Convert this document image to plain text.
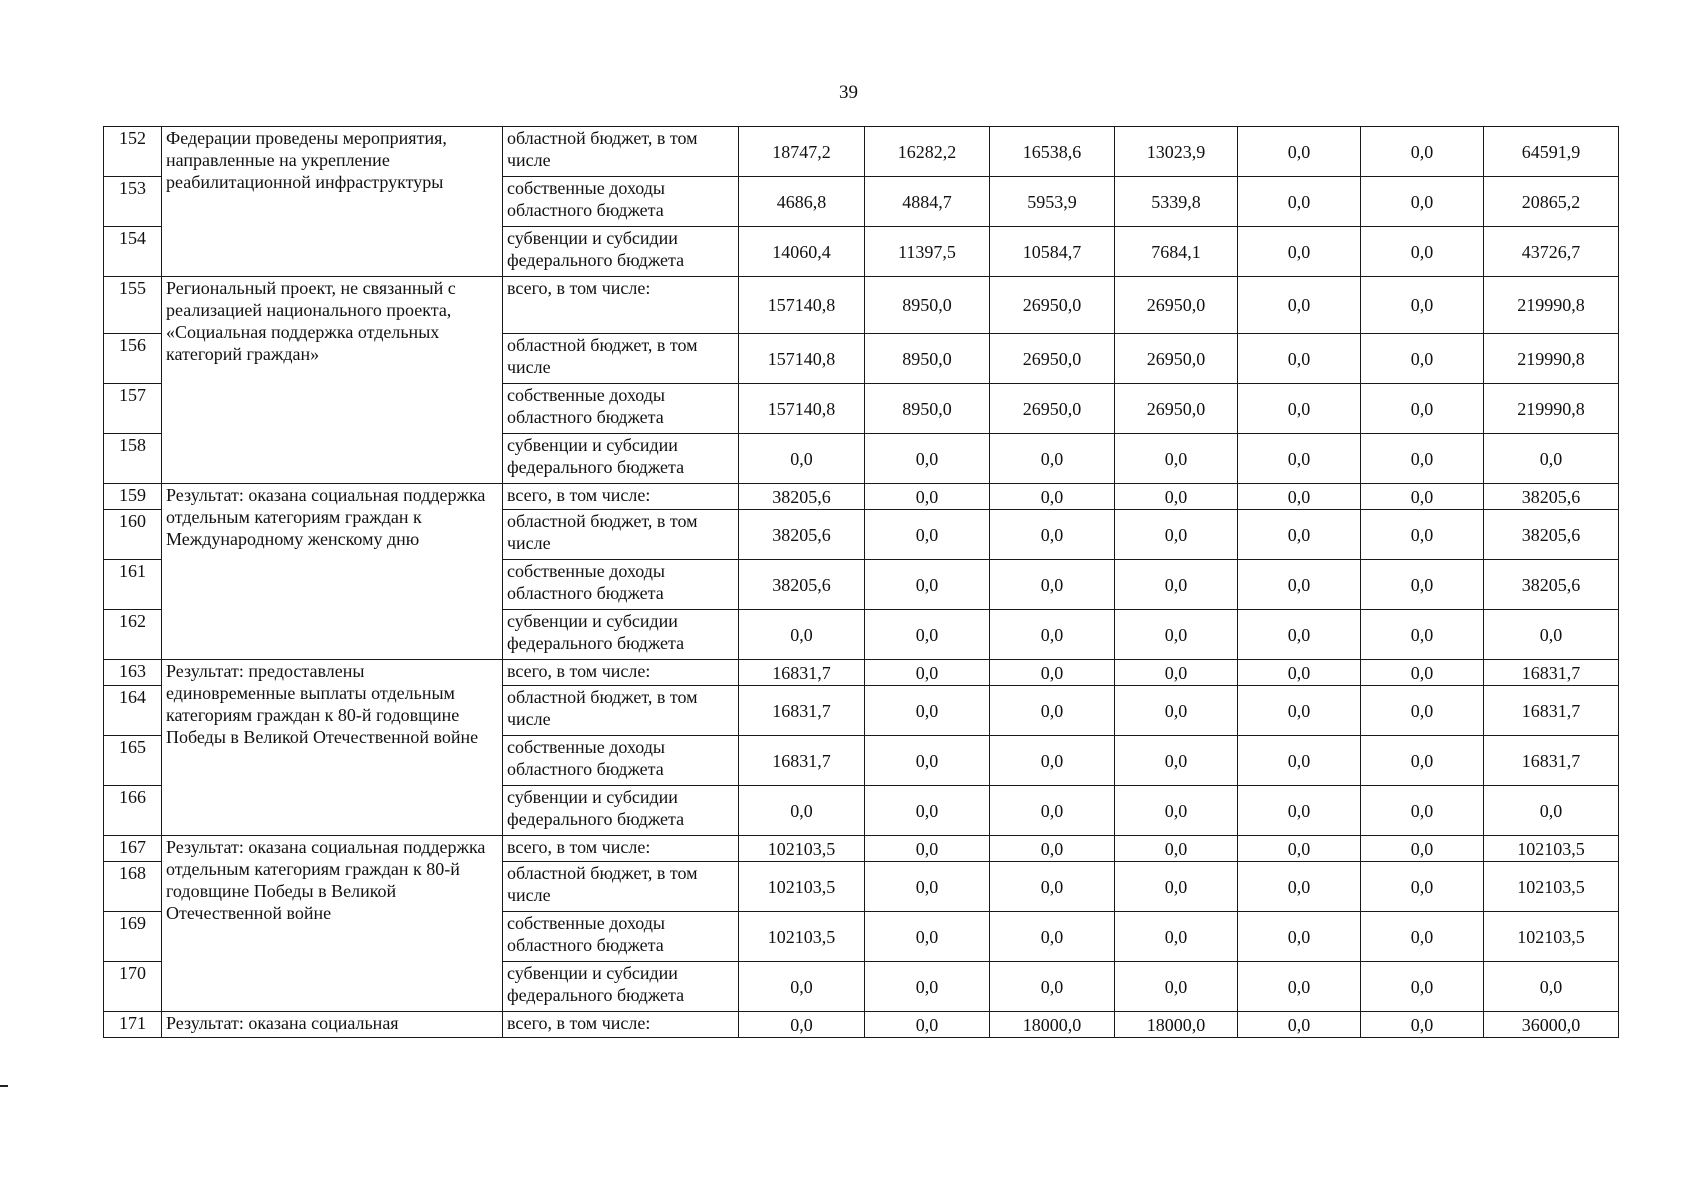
39
152	Федерации проведены мероприятия, направленные на укрепление реабилитационной инфраструктуры	областной бюджет, в том числе	18747,2	16282,2	16538,6	13023,9	0,0	0,0	64591,9
153		собственные доходы областного бюджета	4686,8	4884,7	5953,9	5339,8	0,0	0,0	20865,2
154		субвенции и субсидии федерального бюджета	14060,4	11397,5	10584,7	7684,1	0,0	0,0	43726,7
155	Региональный проект, не связанный с реализацией национального проекта, «Социальная поддержка отдельных категорий граждан»	всего, в том числе:	157140,8	8950,0	26950,0	26950,0	0,0	0,0	219990,8
156		областной бюджет, в том числе	157140,8	8950,0	26950,0	26950,0	0,0	0,0	219990,8
157		собственные доходы областного бюджета	157140,8	8950,0	26950,0	26950,0	0,0	0,0	219990,8
158		субвенции и субсидии федерального бюджета	0,0	0,0	0,0	0,0	0,0	0,0	0,0
159	Результат: оказана социальная поддержка отдельным категориям граждан к Международному женскому дню	всего, в том числе:	38205,6	0,0	0,0	0,0	0,0	0,0	38205,6
160		областной бюджет, в том числе	38205,6	0,0	0,0	0,0	0,0	0,0	38205,6
161		собственные доходы областного бюджета	38205,6	0,0	0,0	0,0	0,0	0,0	38205,6
162		субвенции и субсидии федерального бюджета	0,0	0,0	0,0	0,0	0,0	0,0	0,0
163	Результат: предоставлены единовременные выплаты отдельным категориям граждан к 80-й годовщине Победы в Великой Отечественной войне	всего, в том числе:	16831,7	0,0	0,0	0,0	0,0	0,0	16831,7
164		областной бюджет, в том числе	16831,7	0,0	0,0	0,0	0,0	0,0	16831,7
165		собственные доходы областного бюджета	16831,7	0,0	0,0	0,0	0,0	0,0	16831,7
166		субвенции и субсидии федерального бюджета	0,0	0,0	0,0	0,0	0,0	0,0	0,0
167	Результат: оказана социальная поддержка отдельным категориям граждан к 80-й годовщине Победы в Великой Отечественной войне	всего, в том числе:	102103,5	0,0	0,0	0,0	0,0	0,0	102103,5
168		областной бюджет, в том числе	102103,5	0,0	0,0	0,0	0,0	0,0	102103,5
169		собственные доходы областного бюджета	102103,5	0,0	0,0	0,0	0,0	0,0	102103,5
170		субвенции и субсидии федерального бюджета	0,0	0,0	0,0	0,0	0,0	0,0	0,0
171	Результат: оказана социальная	всего, в том числе:	0,0	0,0	18000,0	18000,0	0,0	0,0	36000,0
